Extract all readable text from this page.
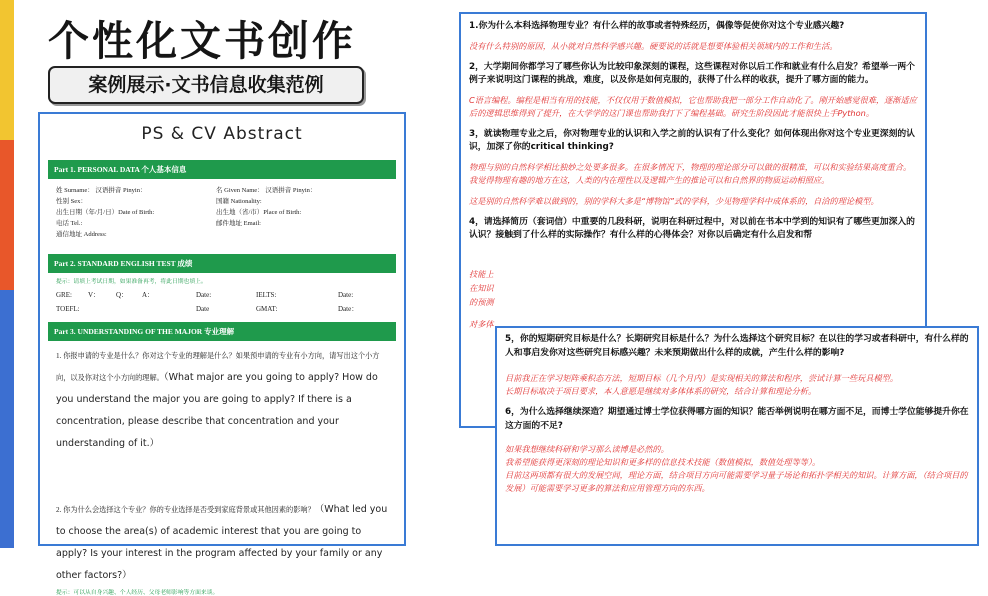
个性化文书创作
案例展示·文书信息收集范例
PS & CV Abstract
Part 1. PERSONAL DATA 个人基本信息
姓 Surname： 汉语拼音 Pinyin：	名 Given Name： 汉语拼音 Pinyin：
性别 Sex：	国籍 Nationality:
出生日期（年/月/日）Date of Birth:	出生地（省/市）Place of Birth:
电话 Tel.:	邮件地址 Email:
通信地址 Address:
Part 2. STANDARD ENGLISH TEST 成绩
提示：请填上考试日期，如果准备再考，将此日期也填上。
GRE:	V：	Q：	A：	Date:	IELTS:	Date:
TOEFL:	Date	GMAT:	Date：
Part 3. UNDERSTANDING OF THE MAJOR 专业理解
1. 你报申请的专业是什么？你对这个专业的理解是什么？如果预申请的专业有小方向，请写出这个小方向，以及你对这个小方向的理解。（What major are you going to apply? How do you understand the major you are going to apply? If there is a concentration, please describe that concentration and your understanding of it.）
2. 你为什么会选择这个专业？你的专业选择是否受到家庭背景或其他因素的影响？（What led you to choose the area(s) of academic interest that you are going to apply? Is your interest in the program affected by your family or any other factors?）
提示：可以从自身兴趣、个人经历、父母老师影响等方面来谈。
1.你为什么本科选择物理专业？有什么样的故事或者特殊经历，偶像等促使你对这个专业感兴趣?
没有什么特别的原因，从小就对自然科学感兴趣。硬要说的话就是想要体验相关领域内的工作和生活。
2，大学期间你都学习了哪些你认为比较印象深刻的课程，这些课程对你以后工作和就业有什么启发？希望举一两个例子来说明这门课程的挑战，难度，以及你是如何克服的，获得了什么样的收获，提升了哪方面的能力。
C语言编程。编程是相当有用的技能，不仅仅用于数值模拟，它也帮助我把一部分工作自动化了。刚开始感觉很难，逐渐适应后的逻辑思维得到了提升，在大学学的这门课也帮助我打下了编程基础。研究生阶段因此才能很快上手Python。
3，就读物理专业之后，你对物理专业的认识和入学之前的认识有了什么变化？如何体现出你对这个专业更深刻的认识，加深了你的critical thinking?
物理与别的自然科学相比独妙之处要多很多。在很多情况下，物理的理论部分可以做的很精准，可以和实验结果高度重合。我觉得物理有趣的地方在这，人类的内在理性以及逻辑产生的推论可以和自然界的物质运动相照应。
这是别的自然科学难以做到的，别的学科大多是“博物馆”式的学科，少见物理学科中成体系的，自洽的理论模型。
4，请选择简历（套词信）中重要的几段科研，说明在科研过程中，对以前在书本中学到的知识有了哪些更加深入的认识？接触到了什么样的实际操作？有什么样的心得体会？对你以后确定有什么启发和帮
技能上
在知识
的预测
对多体
5，你的短期研究目标是什么？长期研究目标是什么？为什么选择这个研究目标？在以往的学习或者科研中，有什么样的人和事启发你对这些研究目标感兴趣？未来预期做出什么样的成就，产生什么样的影响?
目前我正在学习矩阵乘积态方法，短期目标（几个月内）是实现相关的算法和程序，尝试计算一些玩具模型。
长期目标取决于项目要求，本人意愿是继续对多体体系的研究，结合计算和理论分析。
6，为什么选择继续深造？期望通过博士学位获得哪方面的知识？能否举例说明在哪方面不足，而博士学位能够提升你在这方面的不足?
如果我想继续科研和学习那么读博是必然的。
我希望能获得更深刻的理论知识和更多样的信息技术技能（数值模拟，数值处理等等）。
目前这两项都有很大的发展空间，理论方面，结合项目方向可能需要学习量子场论和拓扑学相关的知识。计算方面，（结合项目的发展）可能需要学习更多的算法和应用管理方向的东西。
